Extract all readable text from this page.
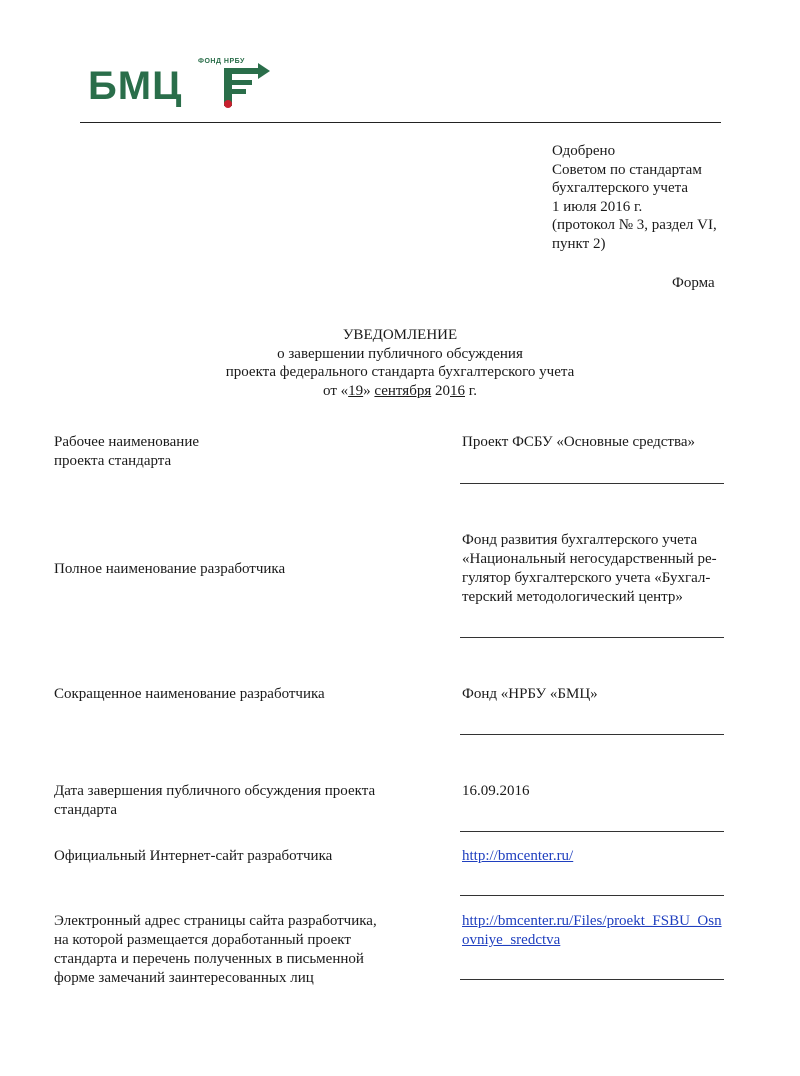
ФОНД НРБУ
БМЦ
Одобрено
Советом по стандартам
бухгалтерского учета
1 июля 2016 г.
(протокол № 3, раздел VI,
пункт 2)
Форма
УВЕДОМЛЕНИЕ
о завершении публичного обсуждения
проекта федерального стандарта бухгалтерского учета
от «19» сентября 2016 г.
Рабочее наименование
проекта стандарта
Проект ФСБУ «Основные средства»
Полное наименование разработчика
Фонд развития бухгалтерского учета
«Национальный негосударственный ре-
гулятор бухгалтерского учета «Бухгал-
терский методологический центр»
Сокращенное наименование разработчика	Фонд «НРБУ «БМЦ»
Дата завершения публичного обсуждения проекта
стандарта
16.09.2016
Официальный Интернет-сайт разработчика	http://bmcenter.ru/
Электронный адрес страницы сайта разработчика,
на которой размещается доработанный проект
стандарта и перечень полученных в письменной
форме замечаний заинтересованных лиц
http://bmcenter.ru/Files/proekt_FSBU_Osn
ovniye_sredctva
